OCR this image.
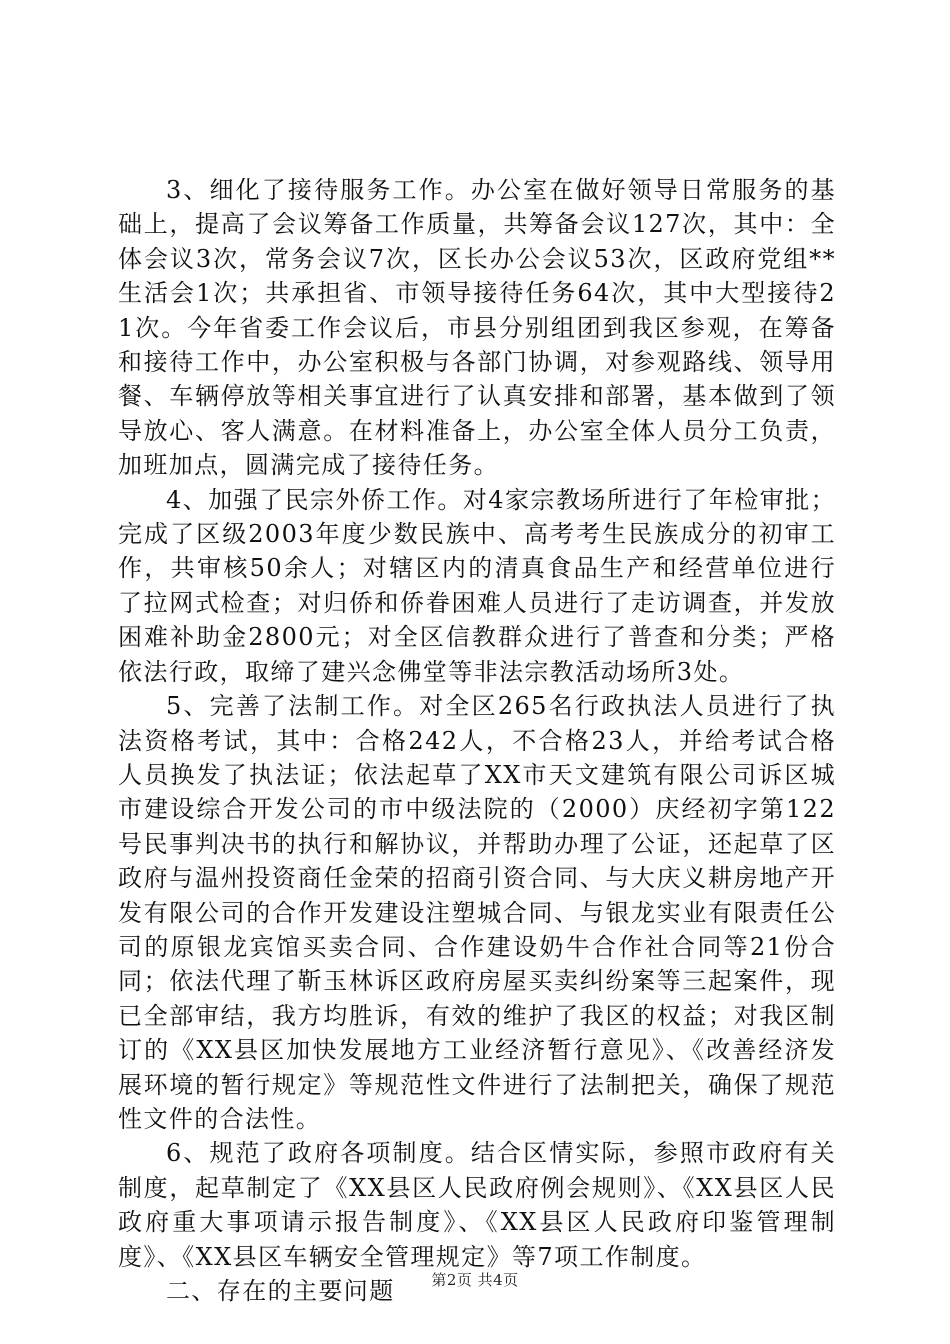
3、细化了接待服务工作。办公室在做好领导日常服务的基础上，提高了会议筹备工作质量，共筹备会议127次，其中：全体会议3次，常务会议7次，区长办公会议53次，区政府党组**生活会1次；共承担省、市领导接待任务64次，其中大型接待21次。今年省委工作会议后，市县分别组团到我区参观，在筹备和接待工作中，办公室积极与各部门协调，对参观路线、领导用餐、车辆停放等相关事宜进行了认真安排和部署，基本做到了领导放心、客人满意。在材料准备上，办公室全体人员分工负责，加班加点，圆满完成了接待任务。

4、加强了民宗外侨工作。对4家宗教场所进行了年检审批；完成了区级2003年度少数民族中、高考考生民族成分的初审工作，共审核50余人；对辖区内的清真食品生产和经营单位进行了拉网式检查；对归侨和侨眷困难人员进行了走访调查，并发放困难补助金2800元；对全区信教群众进行了普查和分类；严格依法行政，取缔了建兴念佛堂等非法宗教活动场所3处。

5、完善了法制工作。对全区265名行政执法人员进行了执法资格考试，其中：合格242人，不合格23人，并给考试合格人员换发了执法证；依法起草了XX市天文建筑有限公司诉区城市建设综合开发公司的市中级法院的（2000）庆经初字第122号民事判决书的执行和解协议，并帮助办理了公证，还起草了区政府与温州投资商任金荣的招商引资合同、与大庆义耕房地产开发有限公司的合作开发建设注塑城合同、与银龙实业有限责任公司的原银龙宾馆买卖合同、合作建设奶牛合作社合同等21份合同；依法代理了靳玉林诉区政府房屋买卖纠纷案等三起案件，现已全部审结，我方均胜诉，有效的维护了我区的权益；对我区制订的《XX县区加快发展地方工业经济暂行意见》、《改善经济发展环境的暂行规定》等规范性文件进行了法制把关，确保了规范性文件的合法性。

6、规范了政府各项制度。结合区情实际，参照市政府有关制度，起草制定了《XX县区人民政府例会规则》、《XX县区人民政府重大事项请示报告制度》、《XX县区人民政府印鉴管理制度》、《XX县区车辆安全管理规定》等7项工作制度。

二、存在的主要问题	第2页 共4页
